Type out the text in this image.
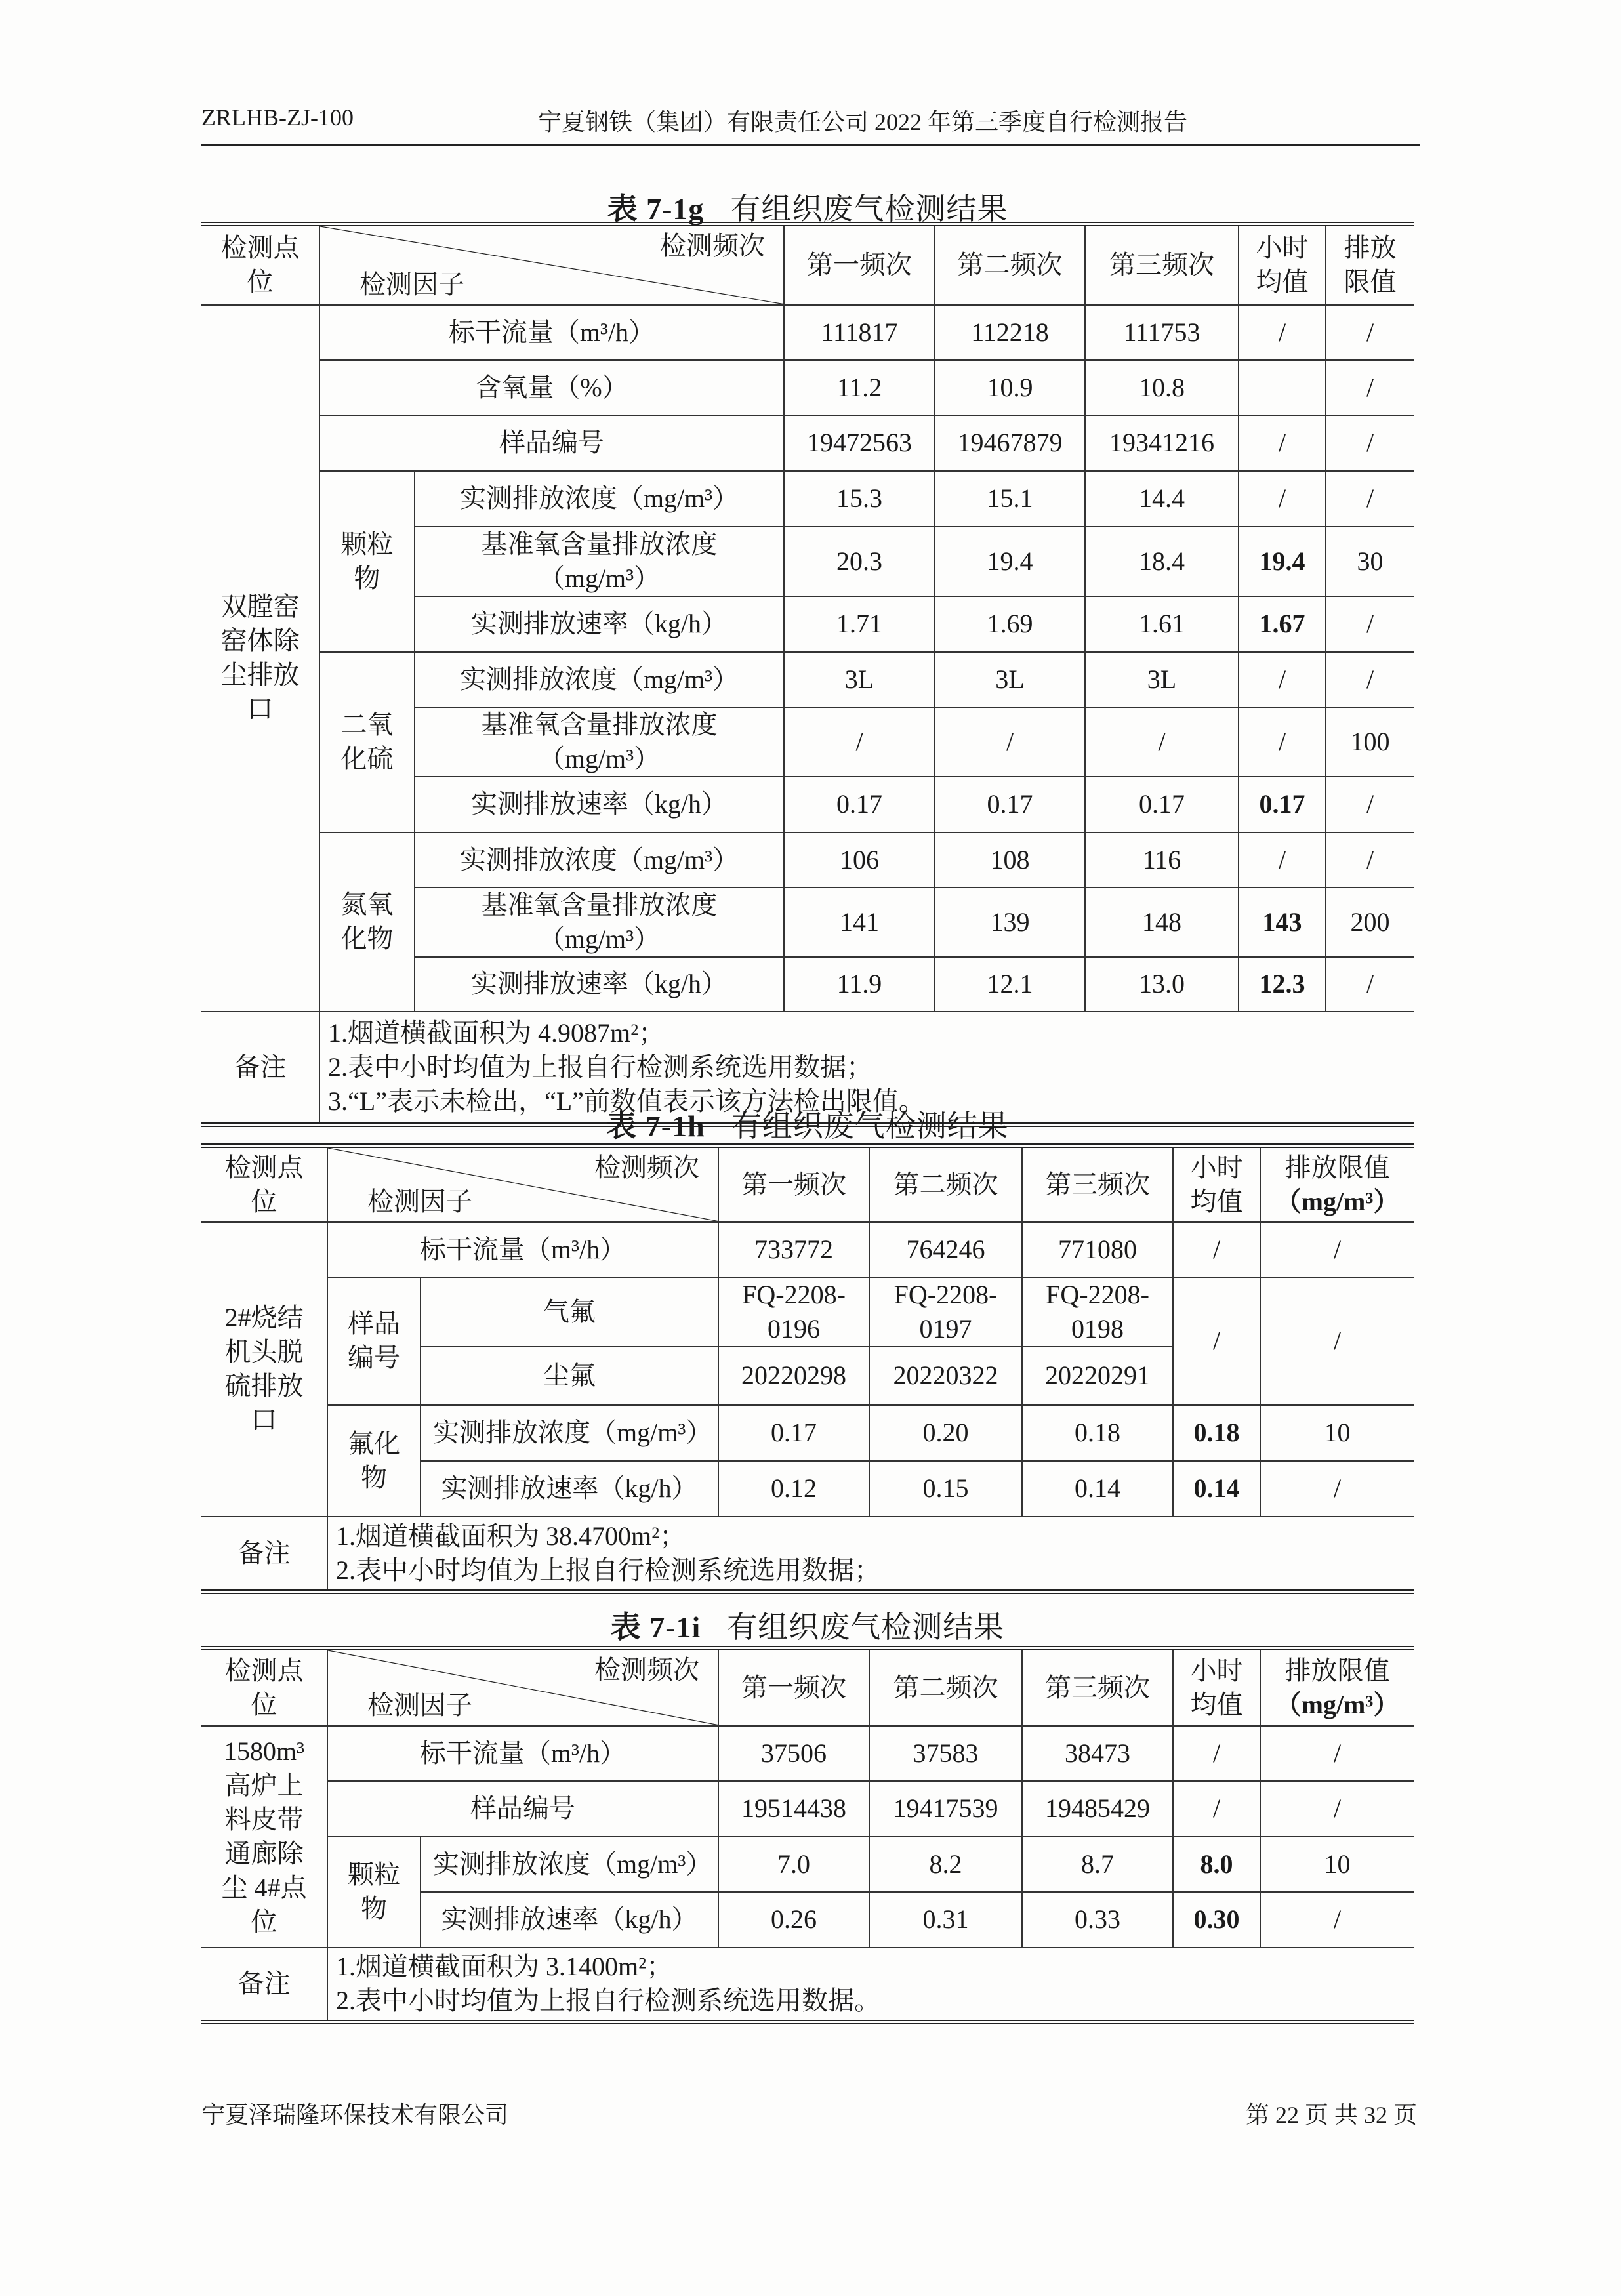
ZRLHB-ZJ-100	宁夏钢铁（集团）有限责任公司 2022 年第三季度自行检测报告
表 7-1g 有组织废气检测结果
检测点位	检测频次
检测因子		第一频次	第二频次	第三频次	小时均值	排放限值
双膛窑窑体除尘排放口	标干流量（m³/h）		111817	112218	111753	/	/
	含氧量（%）		11.2	10.9	10.8		/
	样品编号		19472563	19467879	19341216	/	/
	颗粒物	实测排放浓度（mg/m³）	15.3	15.1	14.4	/	/
		基准氧含量排放浓度（mg/m³）	20.3	19.4	18.4	19.4	30
		实测排放速率（kg/h）	1.71	1.69	1.61	1.67	/
	二氧化硫	实测排放浓度（mg/m³）	3L	3L	3L	/	/
		基准氧含量排放浓度（mg/m³）	/	/	/	/	100
		实测排放速率（kg/h）	0.17	0.17	0.17	0.17	/
	氮氧化物	实测排放浓度（mg/m³）	106	108	116	/	/
		基准氧含量排放浓度（mg/m³）	141	139	148	143	200
		实测排放速率（kg/h）	11.9	12.1	13.0	12.3	/
备注	1.烟道横截面积为 4.9087m²；
2.表中小时均值为上报自行检测系统选用数据；
3.“L”表示未检出，“L”前数值表示该方法检出限值。						
表 7-1h 有组织废气检测结果
检测点位	检测频次
检测因子		第一频次	第二频次	第三频次	小时均值	排放限值
（mg/m³）
2#烧结机头脱硫排放口	标干流量（m³/h）		733772	764246	771080	/	/
	样品编号	气氟	FQ-2208-0196	FQ-2208-0197	FQ-2208-0198	/	/
		尘氟	20220298	20220322	20220291		
	氟化物	实测排放浓度（mg/m³）	0.17	0.20	0.18	0.18	10
		实测排放速率（kg/h）	0.12	0.15	0.14	0.14	/
备注	1.烟道横截面积为 38.4700m²；
2.表中小时均值为上报自行检测系统选用数据；						
表 7-1i 有组织废气检测结果
检测点位	检测频次
检测因子		第一频次	第二频次	第三频次	小时均值	排放限值
（mg/m³）
1580m³高炉上料皮带通廊除尘 4#点位	标干流量（m³/h）		37506	37583	38473	/	/
	样品编号		19514438	19417539	19485429	/	/
	颗粒物	实测排放浓度（mg/m³）	7.0	8.2	8.7	8.0	10
		实测排放速率（kg/h）	0.26	0.31	0.33	0.30	/
备注	1.烟道横截面积为 3.1400m²；
2.表中小时均值为上报自行检测系统选用数据。						
宁夏泽瑞隆环保技术有限公司	第 22 页 共 32 页
